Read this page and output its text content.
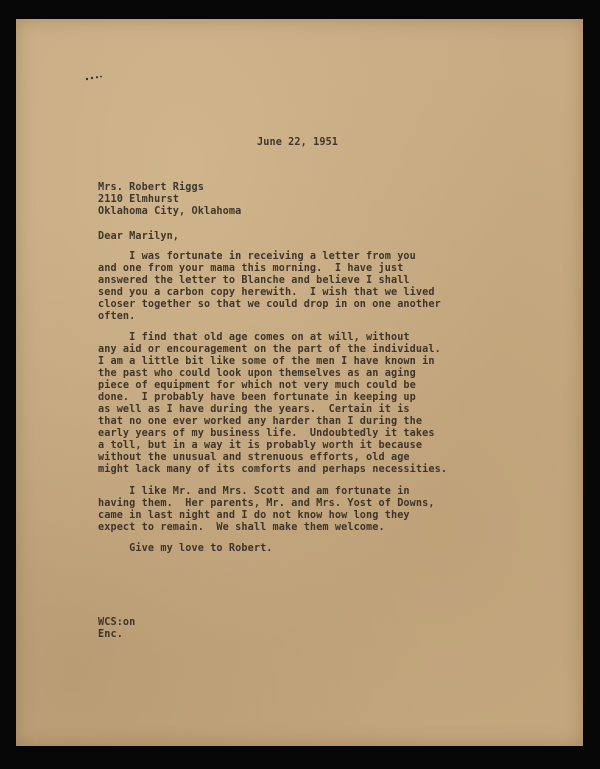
June 22, 1951
Mrs. Robert Riggs
2110 Elmhurst
Oklahoma City, Oklahoma
Dear Marilyn,
I was fortunate in receiving a letter from you
and one from your mama this morning.  I have just
answered the letter to Blanche and believe I shall
send you a carbon copy herewith.  I wish that we lived
closer together so that we could drop in on one another
often.
I find that old age comes on at will, without
any aid or encouragement on the part of the individual.
I am a little bit like some of the men I have known in
the past who could look upon themselves as an aging
piece of equipment for which not very much could be
done.  I probably have been fortunate in keeping up
as well as I have during the years.  Certain it is
that no one ever worked any harder than I during the
early years of my business life.  Undoubtedly it takes
a toll, but in a way it is probably worth it because
without the unusual and strenuous efforts, old age
might lack many of its comforts and perhaps necessities.
I like Mr. and Mrs. Scott and am fortunate in
having them.  Her parents, Mr. and Mrs. Yost of Downs,
came in last night and I do not know how long they
expect to remain.  We shall make them welcome.
Give my love to Robert.
WCS:on
Enc.
